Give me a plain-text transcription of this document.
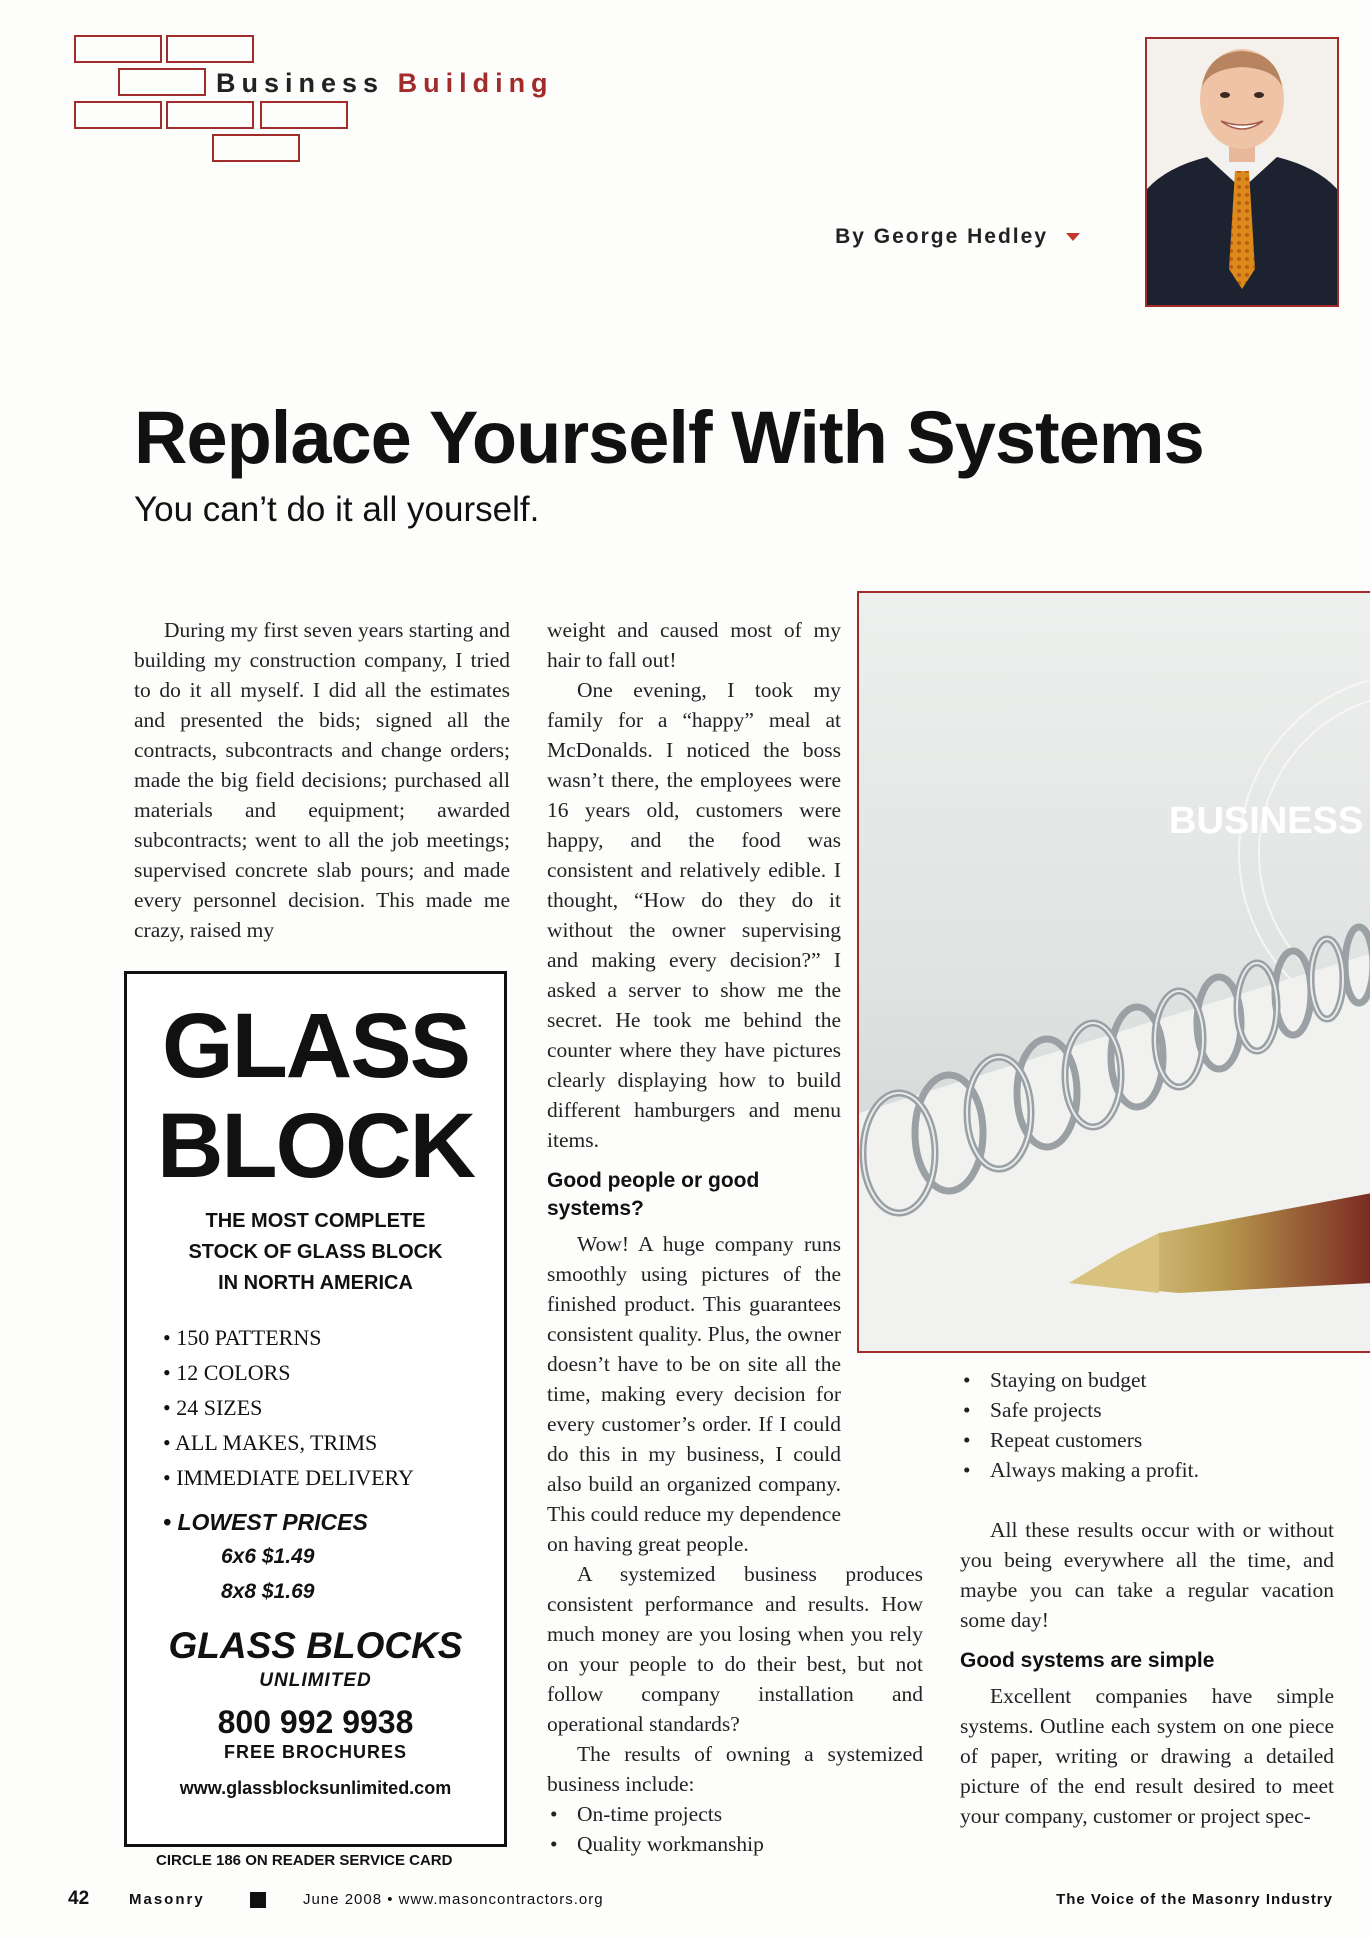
Business Building
By George Hedley
Replace Yourself With Systems
You can’t do it all yourself.

During my first seven years starting and building my construction company, I tried to do it all myself. I did all the estimates and presented the bids; signed all the contracts, subcontracts and change orders; made the big field decisions; purchased all materials and equipment; awarded subcontracts; went to all the job meetings; supervised concrete slab pours; and made every personnel decision. This made me crazy, raised my

weight and caused most of my hair to fall out!

One evening, I took my family for a “happy” meal at McDonalds. I noticed the boss wasn’t there, the employees were 16 years old, customers were happy, and the food was consistent and relatively edible. I thought, “How do they do it without the owner supervising and making every decision?” I asked a server to show me the secret. He took me behind the counter where they have pictures clearly displaying how to build different hamburgers and menu items.

Good people or good systems?

Wow! A huge company runs smoothly using pictures of the finished product. This guarantees consistent quality. Plus, the owner doesn’t have to be on site all the time, making every decision for every customer’s order. If I could do this in my business, I could also build an organized company. This could reduce my dependence on having great people.

A systemized business produces consistent performance and results. How much money are you losing when you rely on your people to do their best, but not follow company installation and operational standards?

The results of owning a systemized business include:

• On-time projects
• Quality workmanship
• Staying on budget
• Safe projects
• Repeat customers
• Always making a profit.

All these results occur with or without you being everywhere all the time, and maybe you can take a regular vacation some day!

Good systems are simple

Excellent companies have simple systems. Outline each system on one piece of paper, writing or drawing a detailed picture of the end result desired to meet your company, customer or project spec-

BUSINESS
GLASS
BLOCK
THE MOST COMPLETE
STOCK OF GLASS BLOCK
IN NORTH AMERICA
• 150 PATTERNS
• 12 COLORS
• 24 SIZES
• ALL MAKES, TRIMS
• IMMEDIATE DELIVERY
• LOWEST PRICES
6x6 $1.49
8x8 $1.69
GLASS BLOCKS
UNLIMITED
800 992 9938
FREE BROCHURES
www.glassblocksunlimited.com
CIRCLE 186 ON READER SERVICE CARD
42	Masonry	June 2008 • www.masoncontractors.org	The Voice of the Masonry Industry
